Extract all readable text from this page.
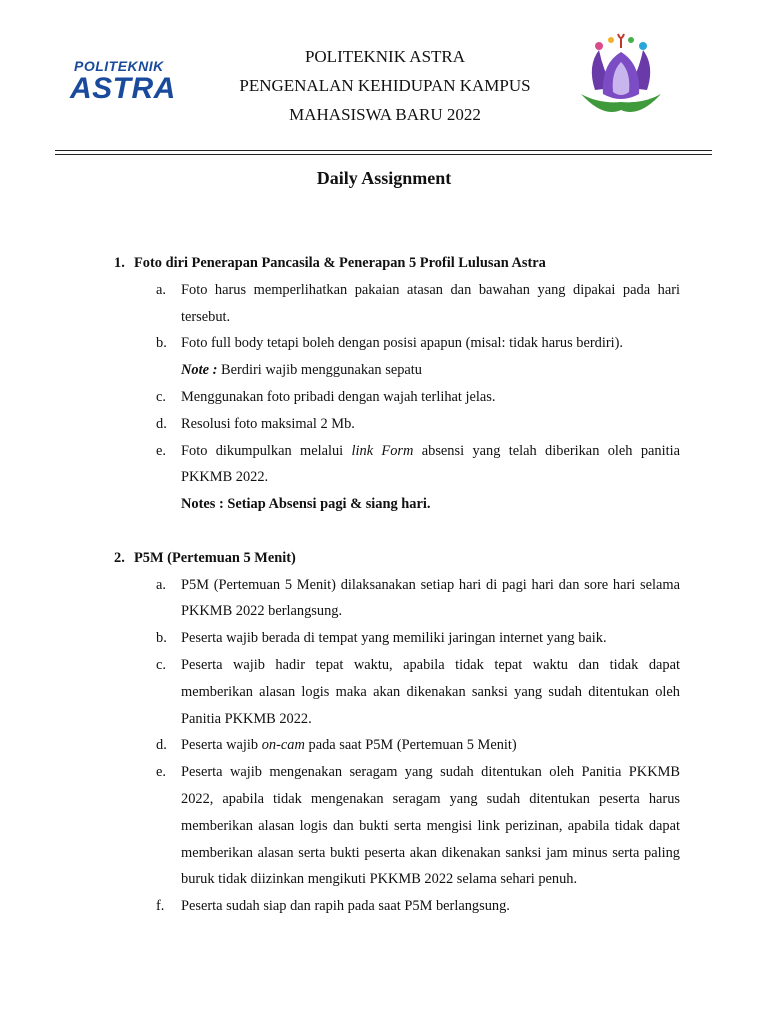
POLITEKNIK
ASTRA
POLITEKNIK ASTRA
PENGENALAN KEHIDUPAN KAMPUS
MAHASISWA BARU 2022
Daily Assignment
1. Foto diri Penerapan Pancasila & Penerapan 5 Profil Lulusan Astra
a. Foto harus memperlihatkan pakaian atasan dan bawahan yang dipakai pada hari tersebut.
b. Foto full body tetapi boleh dengan posisi apapun (misal: tidak harus berdiri).
Note : Berdiri wajib menggunakan sepatu
c. Menggunakan foto pribadi dengan wajah terlihat jelas.
d. Resolusi foto maksimal 2 Mb.
e. Foto dikumpulkan melalui link Form absensi yang telah diberikan oleh panitia PKKMB 2022.
Notes : Setiap Absensi pagi & siang hari.
2. P5M (Pertemuan 5 Menit)
a. P5M (Pertemuan 5 Menit) dilaksanakan setiap hari di pagi hari dan sore hari selama PKKMB 2022 berlangsung.
b. Peserta wajib berada di tempat yang memiliki jaringan internet yang baik.
c. Peserta wajib hadir tepat waktu, apabila tidak tepat waktu dan tidak dapat memberikan alasan logis maka akan dikenakan sanksi yang sudah ditentukan oleh Panitia PKKMB 2022.
d. Peserta wajib on-cam pada saat P5M (Pertemuan 5 Menit)
e. Peserta wajib mengenakan seragam yang sudah ditentukan oleh Panitia PKKMB 2022, apabila tidak mengenakan seragam yang sudah ditentukan peserta harus memberikan alasan logis dan bukti serta mengisi link perizinan, apabila tidak dapat memberikan alasan serta bukti peserta akan dikenakan sanksi jam minus serta paling buruk tidak diizinkan mengikuti PKKMB 2022 selama sehari penuh.
f. Peserta sudah siap dan rapih pada saat P5M berlangsung.
